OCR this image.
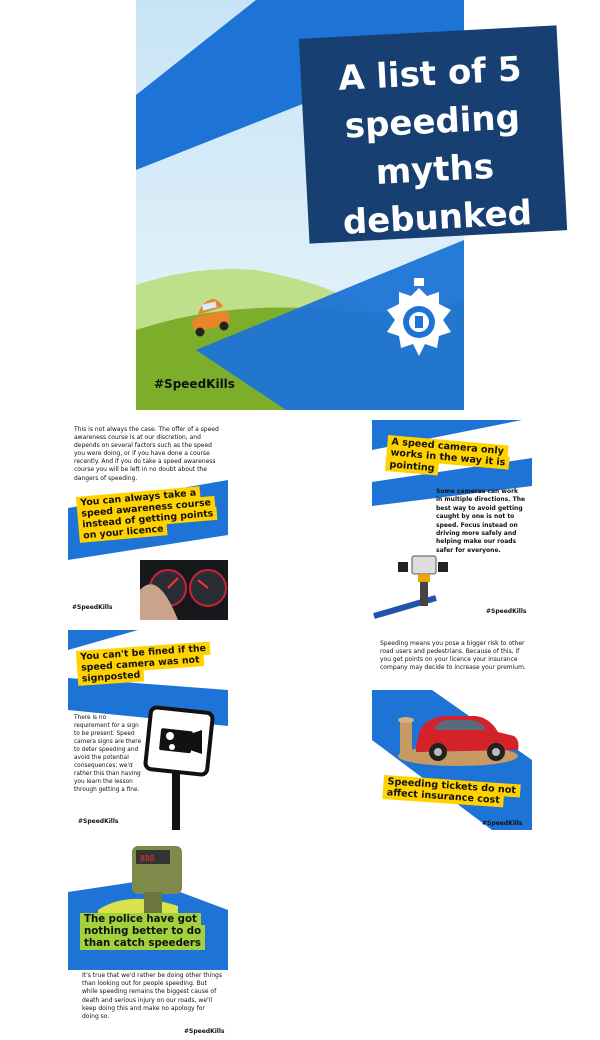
A list of 5
speeding
myths
debunked
#SpeedKills
This is not always the case. The offer of a speed awareness course is at our discretion, and depends on several factors such as the speed you were doing, or if you have done a course recently. And if you do take a speed awareness course you will be left in no doubt about the dangers of speeding.
You can always take a speed awareness course instead of getting points on your licence
#SpeedKills
A speed camera only works in the way it is pointing
Some cameras can work in multiple directions. The best way to avoid getting caught by one is not to speed. Focus instead on driving more safely and helping make our roads safer for everyone.
#SpeedKills
You can't be fined if the speed camera was not signposted
There is no requirement for a sign to be present. Speed camera signs are there to deter speeding and avoid the potential consequences; we'd rather this than having you learn the lesson through getting a fine.
#SpeedKills
Speeding means you pose a bigger risk to other road users and pedestrians. Because of this, if you get points on your licence your insurance company may decide to increase your premium.
Speeding tickets do not affect insurance cost
#SpeedKills
888
The police have got nothing better to do than catch speeders
It's true that we'd rather be doing other things than looking out for people speeding. But while speeding remains the biggest cause of death and serious injury on our roads, we'll keep doing this and make no apology for doing so.
#SpeedKills
